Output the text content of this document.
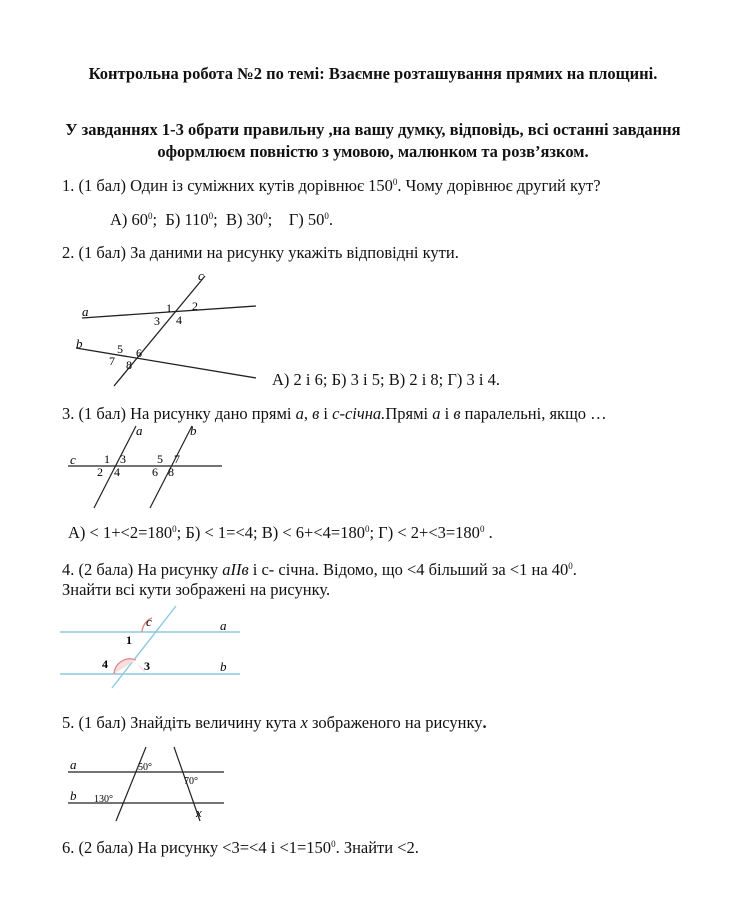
Контрольна робота №2 по темі: Взаємне розташування прямих на площині.
У завданнях 1-3 обрати правильну ,на вашу думку, відповідь, всі останні завдання оформлюєм повністю з умовою, малюнком та розв’язком.
1. (1 бал) Один із суміжних кутів дорівнює $150^0$. Чому дорівнює другий кут?
А) $60^0$; Б) $110^0$; В) $30^0$; Г) $50^0$.
2. (1 бал) За даними на рисунку укажіть відповідні кути.
a
b
c
1 2
3 4
5 6
7 8
А) 2 і 6; Б) 3 і 5; В) 2 і 8; Г) 3 і 4.
3. (1 бал) На рисунку дано прямі а, в і с-січна.Прямі а і в паралельні, якщо …
a	b
c 1 3
2 4
5 7
6 8
$А) < 1+<2=180^0$; Б) < 1=<4; $В) < 6+<4=180^0$; $Г) < 2+<3=180^0$ .
4. (2 бала) На рисунку аІІв і с- січна. Відомо, що <4 більший за <1 на $40^0$.
Знайти всі кути зображені на рисунку.
c	a
b
1
4	3
5. (1 бал) Знайдіть величину кута x зображеного на рисунку.
a
b
50°
70°
130°
x
6. (2 бала) На рисунку <3=<4 $і <1=150^0$. Знайти <2.
